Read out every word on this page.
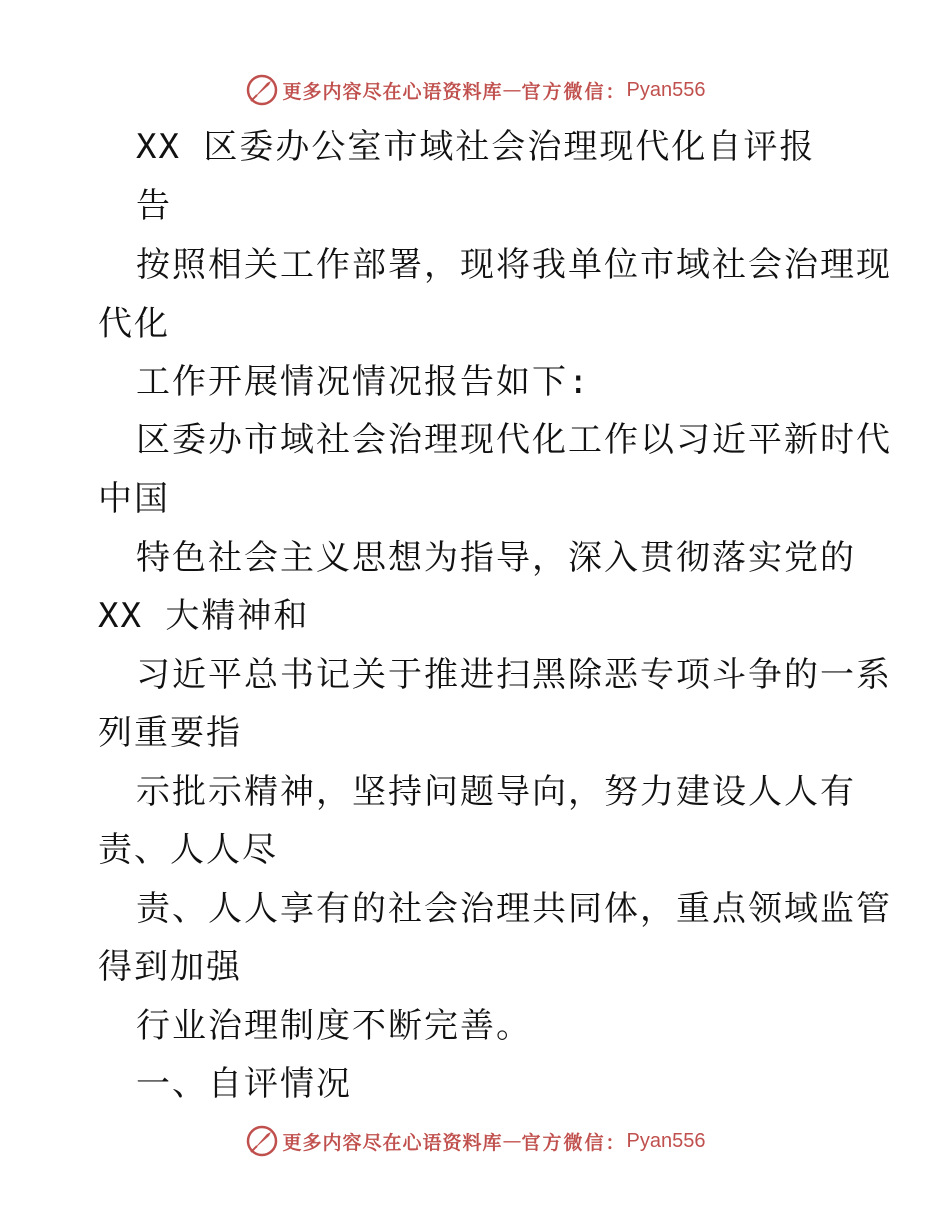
更多内容尽在心语资料库 — 官方微信： Pyan556
XX 区委办公室市域社会治理现代化自评报
告
按照相关工作部署，现将我单位市域社会治理现
代化
工作开展情况情况报告如下:
区委办市域社会治理现代化工作以习近平新时代
中国
特色社会主义思想为指导，深入贯彻落实党的
XX 大精神和
习近平总书记关于推进扫黑除恶专项斗争的一系
列重要指
示批示精神，坚持问题导向，努力建设人人有
责、人人尽
责、人人享有的社会治理共同体，重点领域监管
得到加强
行业治理制度不断完善。
一、自评情况
更多内容尽在心语资料库 — 官方微信： Pyan556
